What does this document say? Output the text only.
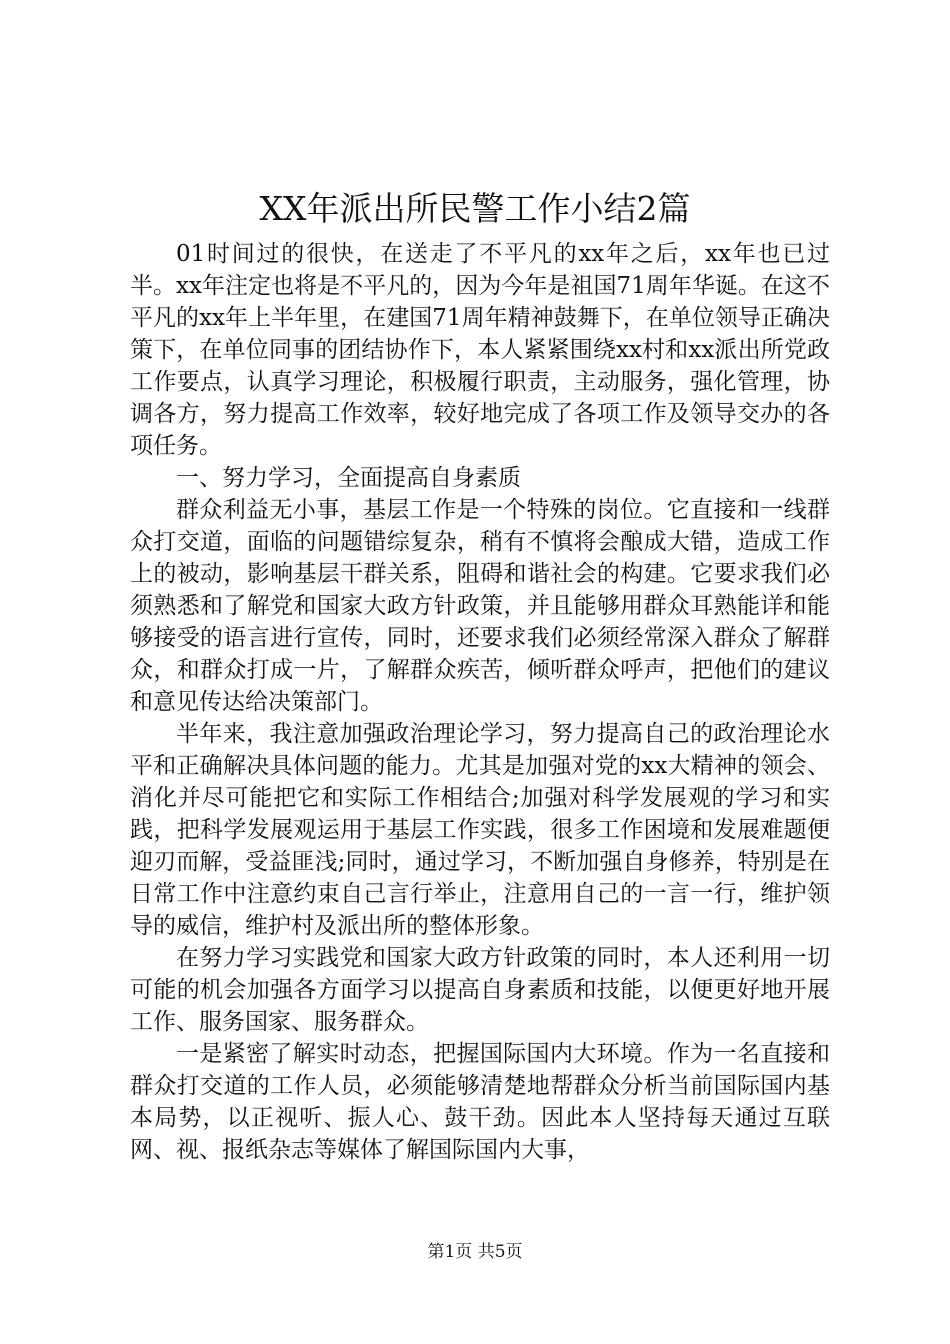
XX年派出所民警工作小结2篇

01时间过的很快，在送走了不平凡的xx年之后，xx年也已过半。xx年注定也将是不平凡的，因为今年是祖国71周年华诞。在这不平凡的xx年上半年里，在建国71周年精神鼓舞下，在单位领导正确决策下，在单位同事的团结协作下，本人紧紧围绕xx村和xx派出所党政工作要点，认真学习理论，积极履行职责，主动服务，强化管理，协调各方，努力提高工作效率，较好地完成了各项工作及领导交办的各项任务。

一、努力学习，全面提高自身素质

群众利益无小事，基层工作是一个特殊的岗位。它直接和一线群众打交道，面临的问题错综复杂，稍有不慎将会酿成大错，造成工作上的被动，影响基层干群关系，阻碍和谐社会的构建。它要求我们必须熟悉和了解党和国家大政方针政策，并且能够用群众耳熟能详和能够接受的语言进行宣传，同时，还要求我们必须经常深入群众了解群众，和群众打成一片，了解群众疾苦，倾听群众呼声，把他们的建议和意见传达给决策部门。

半年来，我注意加强政治理论学习，努力提高自己的政治理论水平和正确解决具体问题的能力。尤其是加强对党的xx大精神的领会、消化并尽可能把它和实际工作相结合;加强对科学发展观的学习和实践，把科学发展观运用于基层工作实践，很多工作困境和发展难题便迎刃而解，受益匪浅;同时，通过学习，不断加强自身修养，特别是在日常工作中注意约束自己言行举止，注意用自己的一言一行，维护领导的威信，维护村及派出所的整体形象。

在努力学习实践党和国家大政方针政策的同时，本人还利用一切可能的机会加强各方面学习以提高自身素质和技能，以便更好地开展工作、服务国家、服务群众。

一是紧密了解实时动态，把握国际国内大环境。作为一名直接和群众打交道的工作人员，必须能够清楚地帮群众分析当前国际国内基本局势，以正视听、振人心、鼓干劲。因此本人坚持每天通过互联网、视、报纸杂志等媒体了解国际国内大事，

第1页 共5页
